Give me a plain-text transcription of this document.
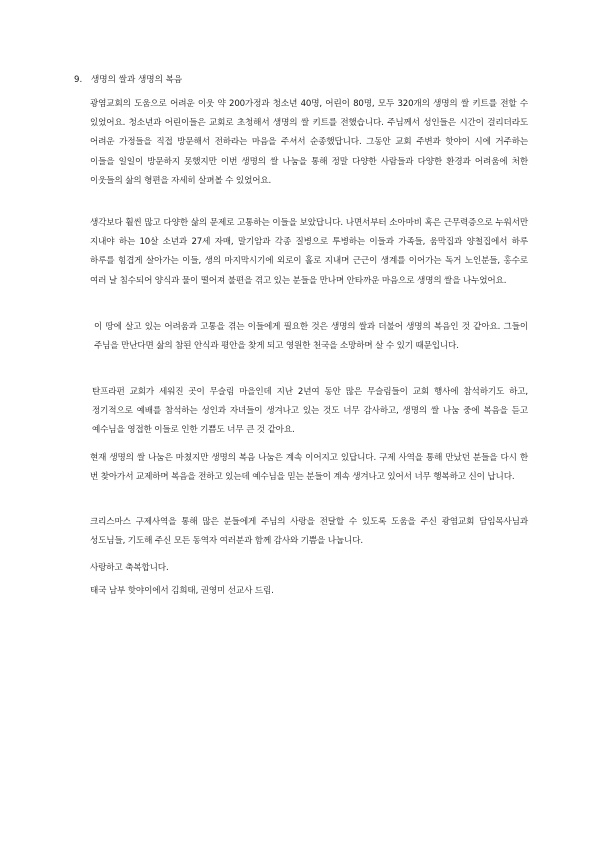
9. 생명의 쌀과 생명의 복음

광염교회의 도움으로 어려운 이웃 약 200가정과 청소년 40명, 어린이 80명, 모두 320개의 생명의 쌀 키트를 전할 수 있었어요. 청소년과 어린이들은 교회로 초청해서 생명의 쌀 키트를 전했습니다. 주님께서 성인들은 시간이 걸리더라도 어려운 가정들을 직접 방문해서 전하라는 마음을 주셔서 순종했답니다. 그동안 교회 주변과 핫야이 시에 거주하는 이들을 일일이 방문하지 못했지만 이번 생명의 쌀 나눔을 통해 정말 다양한 사람들과 다양한 환경과 어려움에 처한 이웃들의 삶의 형편을 자세히 살펴볼 수 있었어요.

생각보다 훨씬 많고 다양한 삶의 문제로 고통하는 이들을 보았답니다. 나면서부터 소아마비 혹은 근무력증으로 누워서만 지내야 하는 10살 소년과 27세 자매, 말기암과 각종 질병으로 투병하는 이들과 가족들, 움막집과 양철집에서 하루 하루를 힘겹게 살아가는 이들, 생의 마지막시기에 외로이 홀로 지내며 근근이 생계를 이어가는 독거 노인분들, 홍수로 여러 날 침수되어 양식과 물이 떨어져 불편을 겪고 있는 분들을 만나며 안타까운 마음으로 생명의 쌀을 나누었어요.

이 땅에 살고 있는 어려움과 고통을 겪는 이들에게 필요한 것은 생명의 쌀과 더불어 생명의 복음인 것 같아요. 그들이 주님을 만난다면 삶의 참된 안식과 평안을 찾게 되고 영원한 천국을 소망하며 살 수 있기 때문입니다.

탄프라펀 교회가 세워진 곳이 무슬림 마을인데 지난 2년여 동안 많은 무슬림들이 교회 행사에 참석하기도 하고, 정기적으로 예배를 참석하는 성인과 자녀들이 생겨나고 있는 것도 너무 감사하고, 생명의 쌀 나눔 중에 복음을 듣고 예수님을 영접한 이들로 인한 기쁨도 너무 큰 것 같아요.

현재 생명의 쌀 나눔은 마쳤지만 생명의 복음 나눔은 계속 이어지고 있답니다. 구제 사역을 통해 만났던 분들을 다시 한 번 찾아가서 교제하며 복음을 전하고 있는데 예수님을 믿는 분들이 계속 생겨나고 있어서 너무 행복하고 신이 납니다.

크리스마스 구제사역을 통해 많은 분들에게 주님의 사랑을 전달할 수 있도록 도움을 주신 광염교회 담임목사님과 성도님들, 기도해 주신 모든 동역자 여러분과 함께 감사와 기쁨을 나눕니다.

사랑하고 축복합니다.

태국 남부 핫야이에서 김희태, 권영미 선교사 드림.
